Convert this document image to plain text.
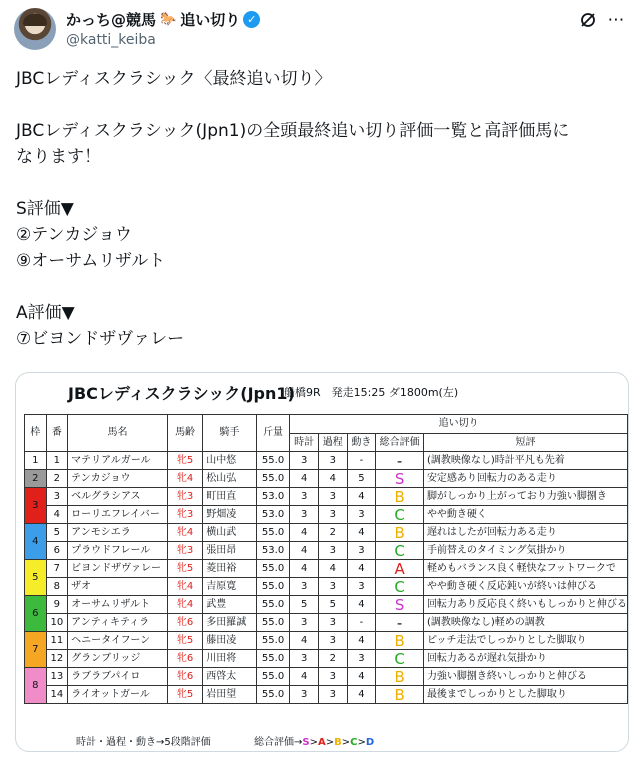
かっち@競馬 🐎 追い切り ✓
@katti_keiba
⋯
JBCレディスクラシック〈最終追い切り〉
JBCレディスクラシック(Jpn1)の全頭最終追い切り評価一覧と高評価馬に
なります！
S評価▼
②テンカジョウ
⑨オーサムリザルト
A評価▼
⑦ビヨンドザヴァレー
JBCレディスクラシック(Jpn1)
船橋9R　発走15:25 ダ1800m(左)
枠	番	馬名	馬齢	騎手	斤量	追い切り				
						時計	過程	動き	総合評価	短評
1	1	マテリアルガール	牝5	山中悠	55.0	3	3	-	-	(調教映像なし)時計平凡も先着
2	2	テンカジョウ	牝4	松山弘	55.0	4	4	5	S	安定感あり回転力のある走り
3	3	ベルグラシアス	牝3	町田直	53.0	3	3	4	B	脚がしっかり上がっており力強い脚捌き
	4	ローリエフレイバー	牝3	野畑凌	53.0	3	3	3	C	やや動き硬く
4	5	アンモシエラ	牝4	横山武	55.0	4	2	4	B	遅れはしたが回転力ある走り
	6	プラウドフレール	牝3	張田昂	53.0	4	3	3	C	手前替えのタイミング気掛かり
5	7	ビヨンドザヴァレー	牝5	菱田裕	55.0	4	4	4	A	軽めもバランス良く軽快なフットワークで
	8	ザオ	牝4	吉原寛	55.0	3	3	3	C	やや動き硬く反応鈍いが終いは伸びる
6	9	オーサムリザルト	牝4	武豊	55.0	5	5	4	S	回転力あり反応良く終いもしっかりと伸びる
	10	アンティキティラ	牝6	多田羅誠	55.0	3	3	-	-	(調教映像なし)軽めの調教
7	11	ヘニータイフーン	牝5	藤田凌	55.0	4	3	4	B	ピッチ走法でしっかりとした脚取り
	12	グランブリッジ	牝6	川田将	55.0	3	2	3	C	回転力あるが遅れ気掛かり
8	13	ラブラブパイロ	牝6	西啓太	55.0	4	3	4	B	力強い脚捌き終いしっかりと伸びる
	14	ライオットガール	牝5	岩田望	55.0	3	3	4	B	最後までしっかりとした脚取り
時計・過程・動き→5段階評価	総合評価→S>A>B>C>D
